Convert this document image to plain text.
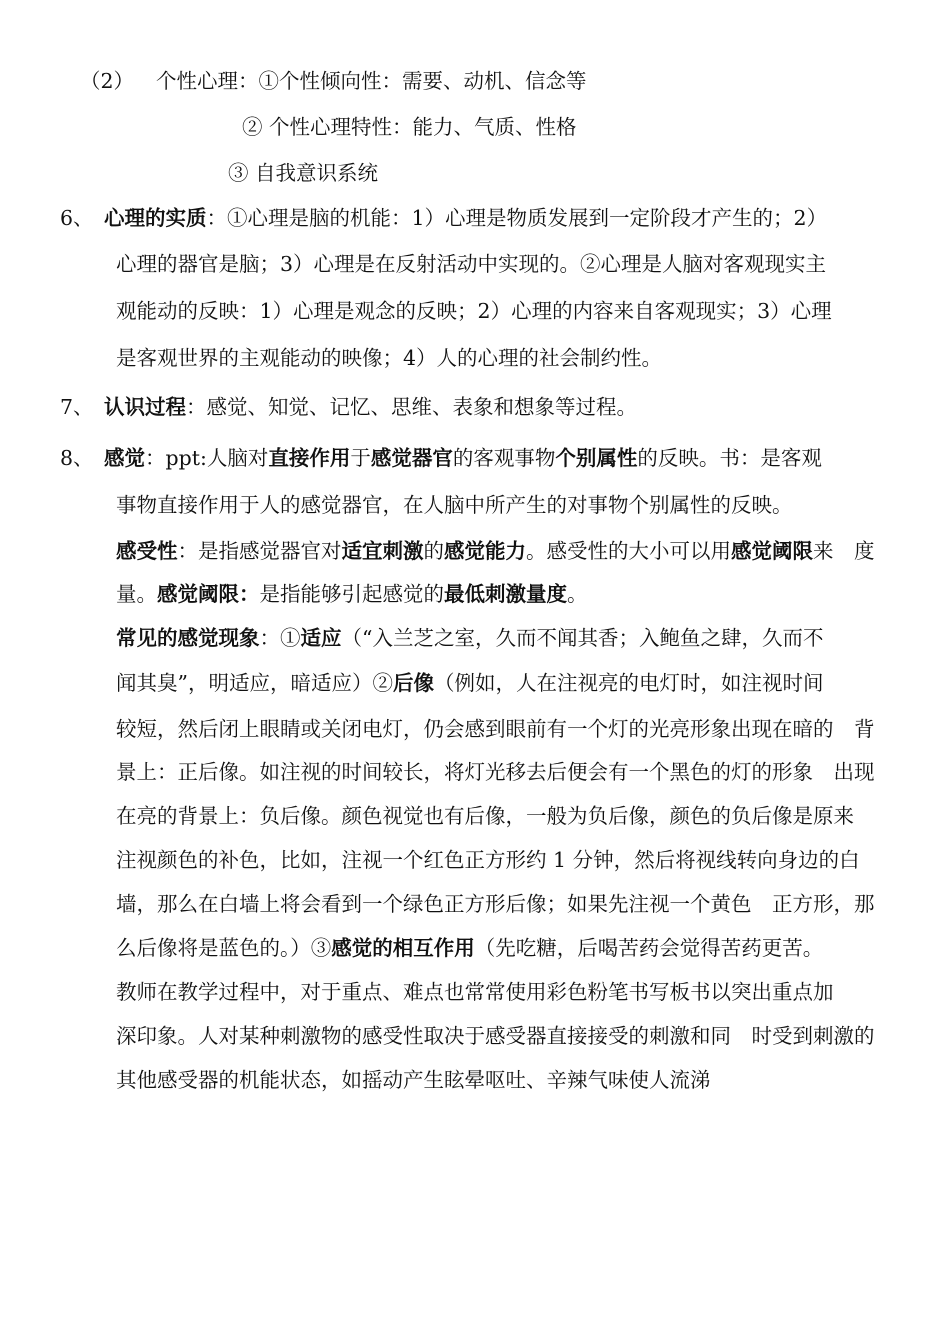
（2） 个性心理：①个性倾向性：需要、动机、信念等
② 个性心理特性：能力、气质、性格
③ 自我意识系统
6、 心理的实质：①心理是脑的机能：1）心理是物质发展到一定阶段才产生的；2）
心理的器官是脑；3）心理是在反射活动中实现的。②心理是人脑对客观现实主
观能动的反映：1）心理是观念的反映；2）心理的内容来自客观现实；3）心理
是客观世界的主观能动的映像；4）人的心理的社会制约性。
7、 认识过程：感觉、知觉、记忆、思维、表象和想象等过程。
8、 感觉：ppt:人脑对直接作用于感觉器官的客观事物个别属性的反映。书：是客观
事物直接作用于人的感觉器官，在人脑中所产生的对事物个别属性的反映。
感受性：是指感觉器官对适宜刺激的感觉能力。感受性的大小可以用感觉阈限来　度
量。感觉阈限：是指能够引起感觉的最低刺激量度。
常见的感觉现象：①适应（“入兰芝之室，久而不闻其香；入鲍鱼之肆，久而不
闻其臭”，明适应，暗适应）②后像（例如，人在注视亮的电灯时，如注视时间
较短，然后闭上眼睛或关闭电灯，仍会感到眼前有一个灯的光亮形象出现在暗的　背
景上：正后像。如注视的时间较长，将灯光移去后便会有一个黑色的灯的形象　出现
在亮的背景上：负后像。颜色视觉也有后像，一般为负后像，颜色的负后像是原来
注视颜色的补色，比如，注视一个红色正方形约 1 分钟，然后将视线转向身边的白
墙，那么在白墙上将会看到一个绿色正方形后像；如果先注视一个黄色　正方形，那
么后像将是蓝色的。）③感觉的相互作用（先吃糖，后喝苦药会觉得苦药更苦。
教师在教学过程中，对于重点、难点也常常使用彩色粉笔书写板书以突出重点加
深印象。人对某种刺激物的感受性取决于感受器直接接受的刺激和同　时受到刺激的
其他感受器的机能状态，如摇动产生眩晕呕吐、辛辣气味使人流涕
